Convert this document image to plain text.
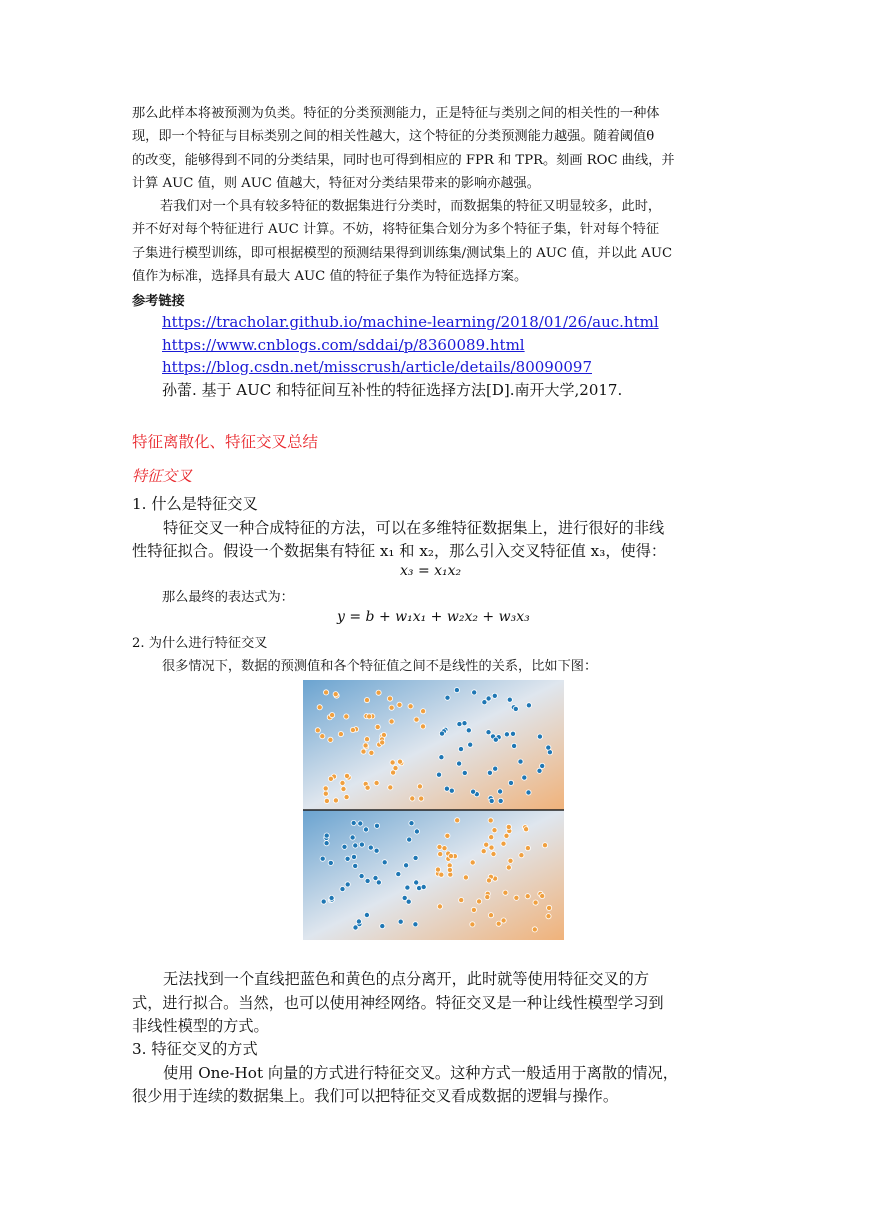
那么此样本将被预测为负类。特征的分类预测能力，正是特征与类别之间的相关性的一种体
现，即一个特征与目标类别之间的相关性越大，这个特征的分类预测能力越强。随着阈值θ
的改变，能够得到不同的分类结果，同时也可得到相应的 FPR 和 TPR。刻画 ROC 曲线，并
计算 AUC 值，则 AUC 值越大，特征对分类结果带来的影响亦越强。
若我们对一个具有较多特征的数据集进行分类时，而数据集的特征又明显较多，此时，
并不好对每个特征进行 AUC 计算。不妨，将特征集合划分为多个特征子集，针对每个特征
子集进行模型训练，即可根据模型的预测结果得到训练集/测试集上的 AUC 值，并以此 AUC
值作为标准，选择具有最大 AUC 值的特征子集作为特征选择方案。
参考链接
https://tracholar.github.io/machine-learning/2018/01/26/auc.html
https://www.cnblogs.com/sddai/p/8360089.html
https://blog.csdn.net/misscrush/article/details/80090097
孙蕾. 基于 AUC 和特征间互补性的特征选择方法[D].南开大学,2017.
特征离散化、特征交叉总结
特征交叉
1. 什么是特征交叉
特征交叉一种合成特征的方法，可以在多维特征数据集上，进行很好的非线
性特征拟合。假设一个数据集有特征 x₁ 和 x₂，那么引入交叉特征值 x₃，使得：
x₃ = x₁x₂
那么最终的表达式为：
y = b + w₁x₁ + w₂x₂ + w₃x₃
2. 为什么进行特征交叉
很多情况下，数据的预测值和各个特征值之间不是线性的关系，比如下图：
无法找到一个直线把蓝色和黄色的点分离开，此时就等使用特征交叉的方
式，进行拟合。当然，也可以使用神经网络。特征交叉是一种让线性模型学习到
非线性模型的方式。
3. 特征交叉的方式
使用 One-Hot 向量的方式进行特征交叉。这种方式一般适用于离散的情况，
很少用于连续的数据集上。我们可以把特征交叉看成数据的逻辑与操作。
